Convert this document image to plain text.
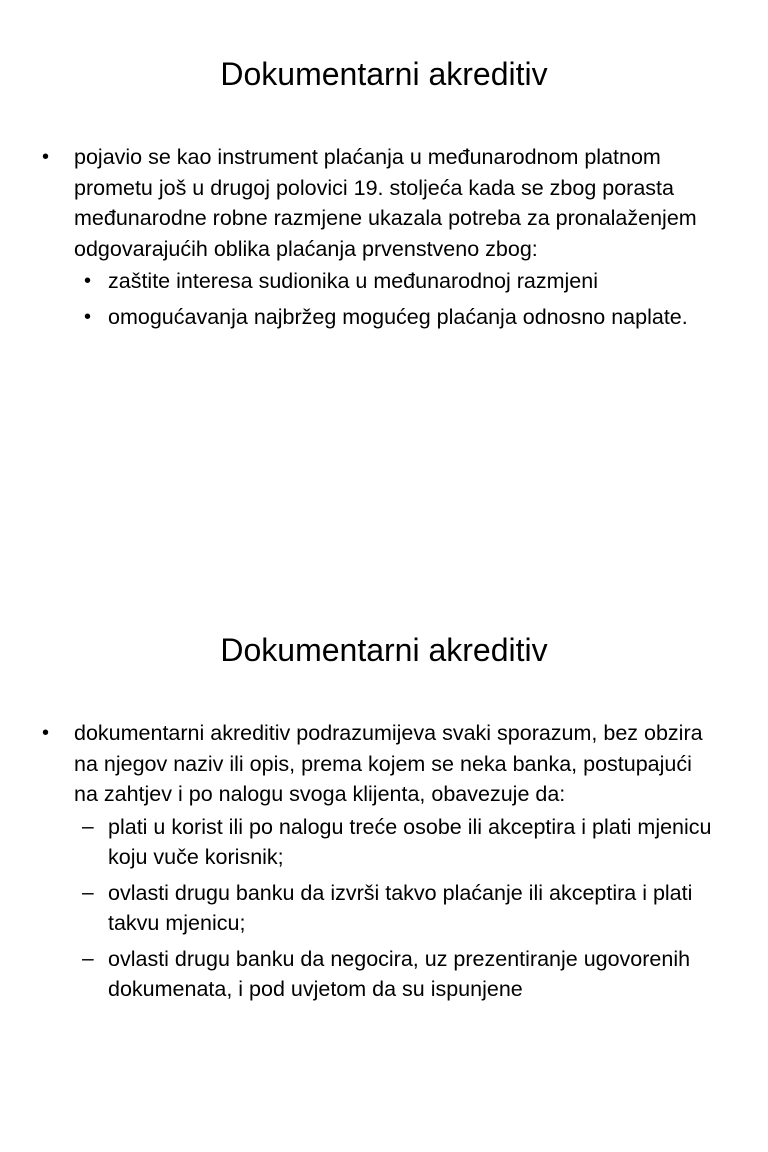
Dokumentarni akreditiv
• pojavio se kao instrument plaćanja u međunarodnom platnom prometu još u drugoj polovici 19. stoljeća kada se zbog porasta međunarodne robne razmjene ukazala potreba za pronalaženjem odgovarajućih oblika plaćanja prvenstveno zbog:
• zaštite interesa sudionika u međunarodnoj razmjeni
• omogućavanja najbržeg mogućeg plaćanja odnosno naplate.
Dokumentarni akreditiv
• dokumentarni akreditiv podrazumijeva svaki sporazum, bez obzira na njegov naziv ili opis, prema kojem se neka banka, postupajući na zahtjev i po nalogu svoga klijenta, obavezuje da:
– plati u korist ili po nalogu treće osobe ili akceptira i plati mjenicu koju vuče korisnik;
– ovlasti drugu banku da izvrši takvo plaćanje ili akceptira i plati takvu mjenicu;
– ovlasti drugu banku da negocira, uz prezentiranje ugovorenih dokumenata, i pod uvjetom da su ispunjene
